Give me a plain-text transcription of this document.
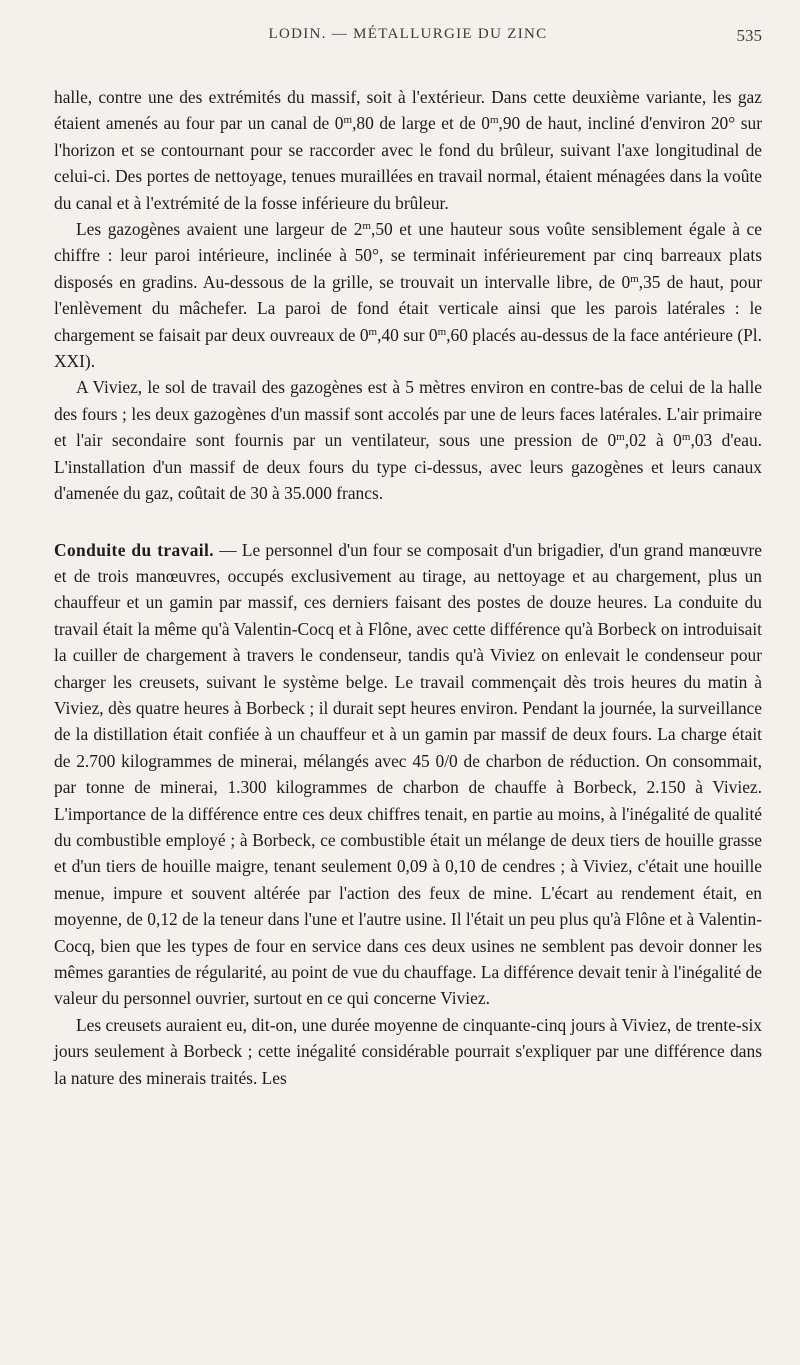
LODIN. — MÉTALLURGIE DU ZINC	535

halle, contre une des extrémités du massif, soit à l'extérieur. Dans cette deuxième variante, les gaz étaient amenés au four par un canal de 0$^m$,80 de large et de 0$^m$,90 de haut, incliné d'environ 20° sur l'horizon et se contournant pour se raccorder avec le fond du brûleur, suivant l'axe longitudinal de celui-ci. Des portes de nettoyage, tenues muraillées en travail normal, étaient ménagées dans la voûte du canal et à l'extrémité de la fosse inférieure du brûleur.

Les gazogènes avaient une largeur de 2$^m$,50 et une hauteur sous voûte sensiblement égale à ce chiffre : leur paroi intérieure, inclinée à 50°, se terminait inférieurement par cinq barreaux plats disposés en gradins. Au-dessous de la grille, se trouvait un intervalle libre, de 0$^m$,35 de haut, pour l'enlèvement du mâchefer. La paroi de fond était verticale ainsi que les parois latérales : le chargement se faisait par deux ouvreaux de 0$^m$,40 sur 0$^m$,60 placés au-dessus de la face antérieure (Pl. XXI).

A Viviez, le sol de travail des gazogènes est à 5 mètres environ en contre-bas de celui de la halle des fours ; les deux gazogènes d'un massif sont accolés par une de leurs faces latérales. L'air primaire et l'air secondaire sont fournis par un ventilateur, sous une pression de 0$^m$,02 à 0$^m$,03 d'eau. L'installation d'un massif de deux fours du type ci-dessus, avec leurs gazogènes et leurs canaux d'amenée du gaz, coûtait de 30 à 35.000 francs.

Conduite du travail. — Le personnel d'un four se composait d'un brigadier, d'un grand manœuvre et de trois manœuvres, occupés exclusivement au tirage, au nettoyage et au chargement, plus un chauffeur et un gamin par massif, ces derniers faisant des postes de douze heures. La conduite du travail était la même qu'à Valentin-Cocq et à Flône, avec cette différence qu'à Borbeck on introduisait la cuiller de chargement à travers le condenseur, tandis qu'à Viviez on enlevait le condenseur pour charger les creusets, suivant le système belge. Le travail commençait dès trois heures du matin à Viviez, dès quatre heures à Borbeck ; il durait sept heures environ. Pendant la journée, la surveillance de la distillation était confiée à un chauffeur et à un gamin par massif de deux fours. La charge était de 2.700 kilogrammes de minerai, mélangés avec 45 0/0 de charbon de réduction. On consommait, par tonne de minerai, 1.300 kilogrammes de charbon de chauffe à Borbeck, 2.150 à Viviez. L'importance de la différence entre ces deux chiffres tenait, en partie au moins, à l'inégalité de qualité du combustible employé ; à Borbeck, ce combustible était un mélange de deux tiers de houille grasse et d'un tiers de houille maigre, tenant seulement 0,09 à 0,10 de cendres ; à Viviez, c'était une houille menue, impure et souvent altérée par l'action des feux de mine. L'écart au rendement était, en moyenne, de 0,12 de la teneur dans l'une et l'autre usine. Il l'était un peu plus qu'à Flône et à Valentin-Cocq, bien que les types de four en service dans ces deux usines ne semblent pas devoir donner les mêmes garanties de régularité, au point de vue du chauffage. La différence devait tenir à l'inégalité de valeur du personnel ouvrier, surtout en ce qui concerne Viviez.

Les creusets auraient eu, dit-on, une durée moyenne de cinquante-cinq jours à Viviez, de trente-six jours seulement à Borbeck ; cette inégalité considérable pourrait s'expliquer par une différence dans la nature des minerais traités. Les
